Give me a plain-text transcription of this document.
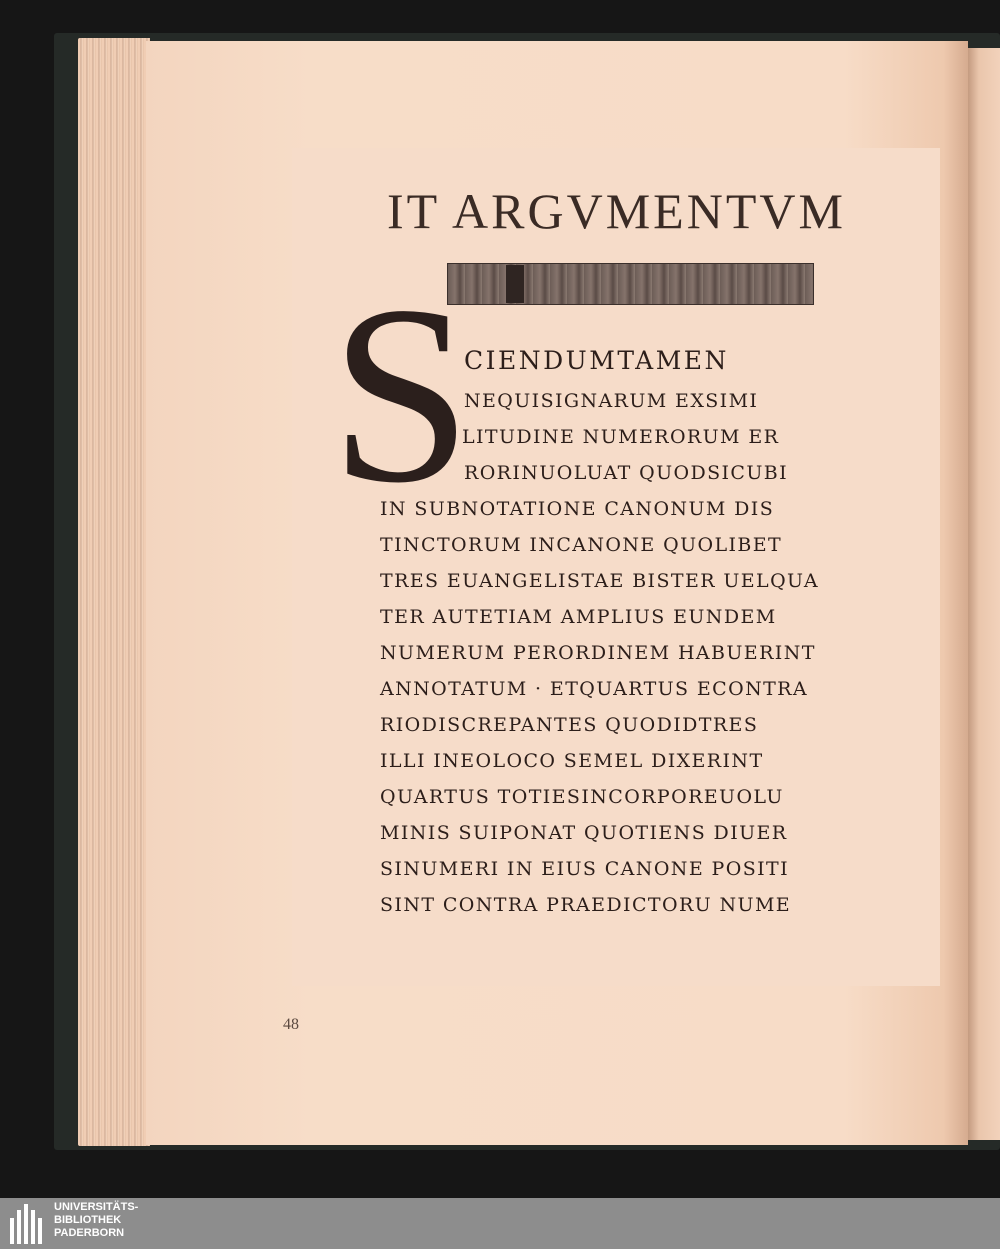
IT ARGVMENTVM
S
CIENDUMTAMEN
NEQUISIGNARUM EXSIMI
LITUDINE NUMERORUM ER
RORINUOLUAT QUODSICUBI
IN SUBNOTATIONE CANONUM DIS
TINCTORUM INCANONE QUOLIBET
TRES EUANGELISTAE BISTER UELQUA
TER AUTETIAM AMPLIUS EUNDEM
NUMERUM PERORDINEM HABUERINT
ANNOTATUM · ETQUARTUS ECONTRA
RIODISCREPANTES QUODIDTRES
ILLI INEOLOCO SEMEL DIXERINT
QUARTUS TOTIESINCORPOREUOLU
MINIS SUIPONAT QUOTIENS DIUER
SINUMERI IN EIUS CANONE POSITI
SINT CONTRA PRAEDICTORU NUME
48
UNIVERSITÄTS-
BIBLIOTHEK
PADERBORN
